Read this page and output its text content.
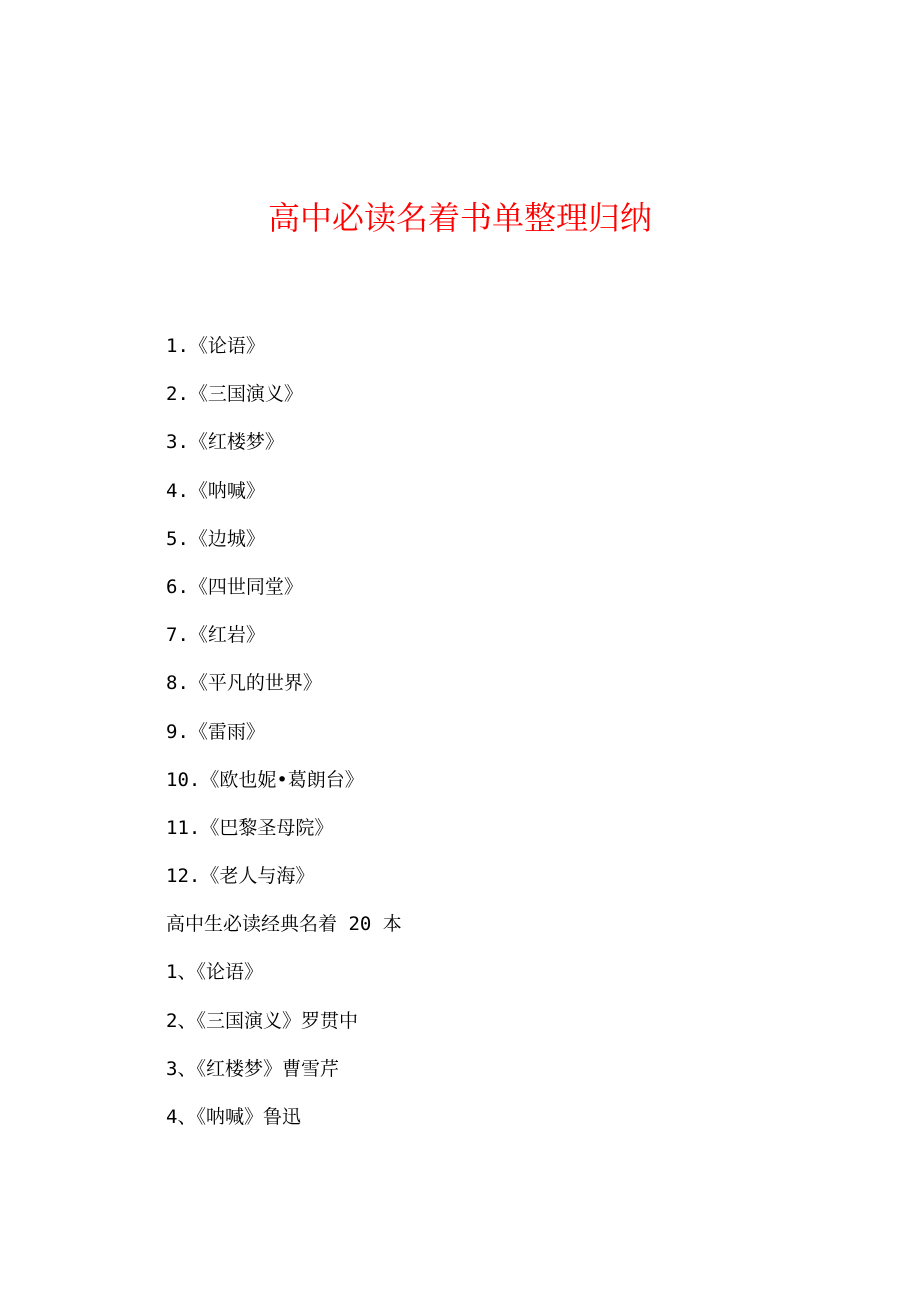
高中必读名着书单整理归纳
1.《论语》
2.《三国演义》
3.《红楼梦》
4.《呐喊》
5.《边城》
6.《四世同堂》
7.《红岩》
8.《平凡的世界》
9.《雷雨》
10.《欧也妮•葛朗台》
11.《巴黎圣母院》
12.《老人与海》
高中生必读经典名着 20 本
1、《论语》
2、《三国演义》罗贯中
3、《红楼梦》曹雪芹
4、《呐喊》鲁迅
